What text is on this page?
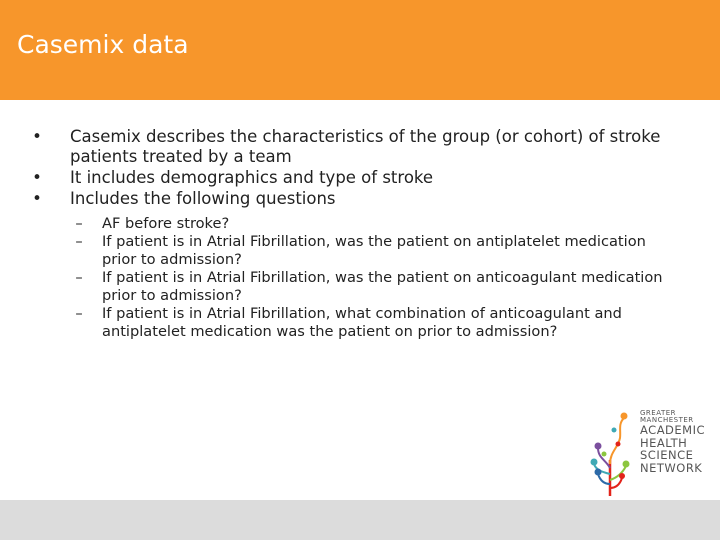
Casemix data
• Casemix describes the characteristics of the group (or cohort) of stroke patients treated by a team
• It includes demographics and type of stroke
• Includes the following questions
–	AF before stroke?
–	If patient is in Atrial Fibrillation, was the patient on antiplatelet medication prior to admission?
–	If patient is in Atrial Fibrillation, was the patient on anticoagulant medication prior to admission?
–	If patient is in Atrial Fibrillation, what combination of anticoagulant and antiplatelet medication was the patient on prior to admission?
GREATER
MANCHESTER
ACADEMIC
HEALTH
SCIENCE
NETWORK
